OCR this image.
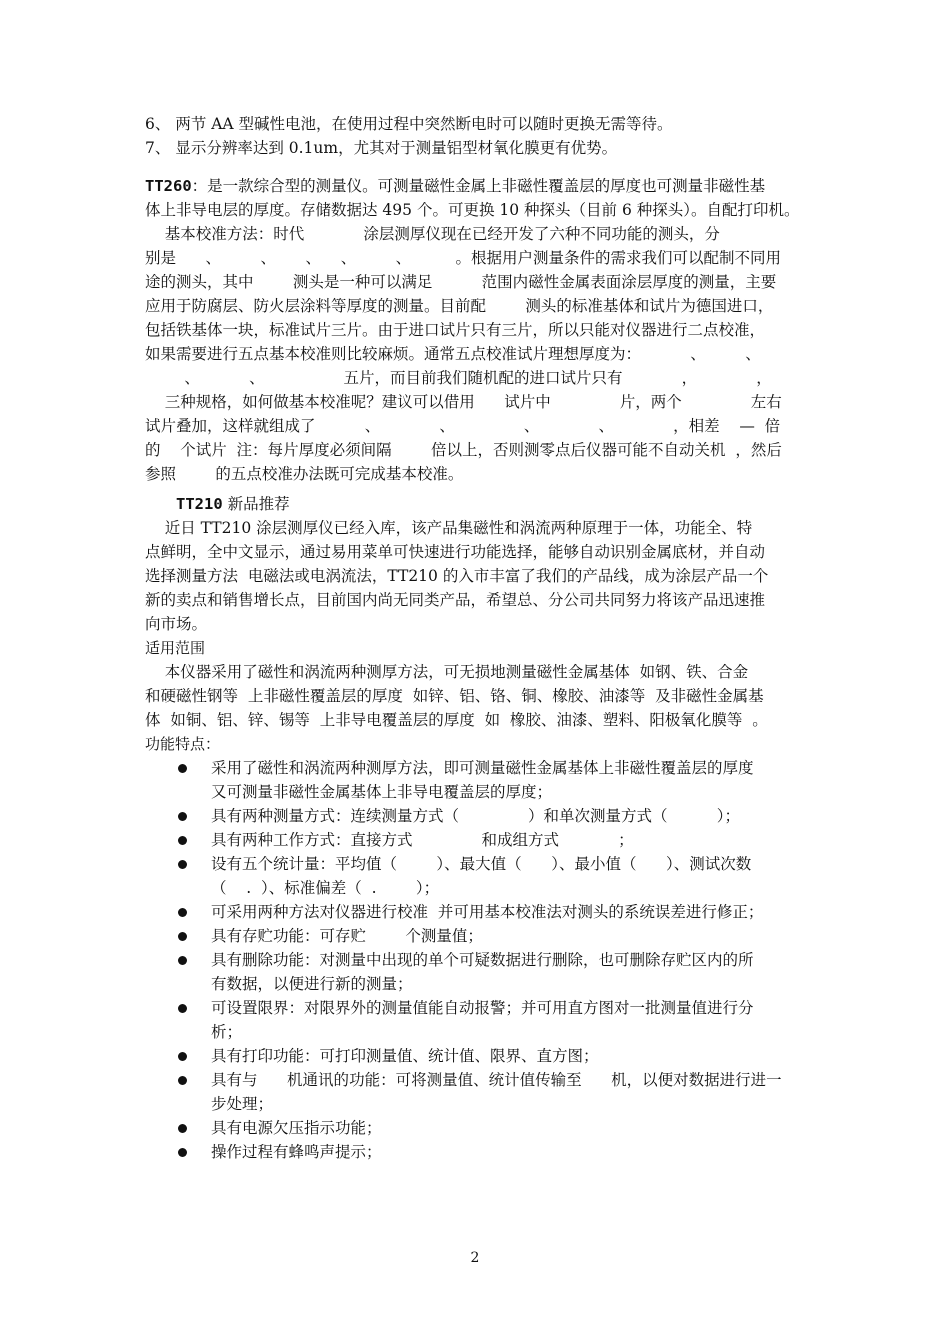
6、 两节 AA 型碱性电池，在使用过程中突然断电时可以随时更换无需等待。
7、 显示分辨率达到 0.1um，尤其对于测量铝型材氧化膜更有优势。
TT260：是一款综合型的测量仪。可测量磁性金属上非磁性覆盖层的厚度也可测量非磁性基
体上非导电层的厚度。存储数据达 495 个。可更换 10 种探头（目前 6 种探头）。自配打印机。
基本校准方法：时代            涂层测厚仪现在已经开发了六种不同功能的测头，分
别是      、        、      、    、        、         。根据用户测量条件的需求我们可以配制不同用
途的测头，其中        测头是一种可以满足          范围内磁性金属表面涂层厚度的测量，主要
应用于防腐层、防火层涂料等厚度的测量。目前配        测头的标准基体和试片为德国进口，
包括铁基体一块，标准试片三片。由于进口试片只有三片，所以只能对仪器进行二点校准，
如果需要进行五点基本校准则比较麻烦。通常五点校准试片理想厚度为：          、        、
、          、                五片，而目前我们随机配的进口试片只有            ，            ，
三种规格，如何做基本校准呢？建议可以借用      试片中              片，两个              左右
试片叠加，这样就组成了          、            、              、            、            ，相差    —  倍
的    个试片  注：每片厚度必须间隔        倍以上，否则测零点后仪器可能不自动关机  ，然后
参照        的五点校准办法既可完成基本校准。
TT210 新品推荐
近日 TT210 涂层测厚仪已经入库，该产品集磁性和涡流两种原理于一体，功能全、特
点鲜明，全中文显示，通过易用菜单可快速进行功能选择，能够自动识别金属底材，并自动
选择测量方法  电磁法或电涡流法，TT210 的入市丰富了我们的产品线，成为涂层产品一个
新的卖点和销售增长点，目前国内尚无同类产品，希望总、分公司共同努力将该产品迅速推
向市场。
适用范围
本仪器采用了磁性和涡流两种测厚方法，可无损地测量磁性金属基体  如钢、铁、合金
和硬磁性钢等  上非磁性覆盖层的厚度  如锌、铝、铬、铜、橡胶、油漆等  及非磁性金属基
体  如铜、铝、锌、锡等  上非导电覆盖层的厚度  如  橡胶、油漆、塑料、阳极氧化膜等  。
功能特点：
采用了磁性和涡流两种测厚方法，即可测量磁性金属基体上非磁性覆盖层的厚度
又可测量非磁性金属基体上非导电覆盖层的厚度；
具有两种测量方式：连续测量方式（              ）和单次测量方式（          ）；
具有两种工作方式：直接方式              和成组方式            ；
设有五个统计量：平均值（        ）、最大值（      ）、最小值（      ）、测试次数
（    .  ）、标准偏差（  .        ）；
可采用两种方法对仪器进行校准  并可用基本校准法对测头的系统误差进行修正；
具有存贮功能：可存贮        个测量值；
具有删除功能：对测量中出现的单个可疑数据进行删除，也可删除存贮区内的所
有数据，以便进行新的测量；
可设置限界：对限界外的测量值能自动报警；并可用直方图对一批测量值进行分
析；
具有打印功能：可打印测量值、统计值、限界、直方图；
具有与      机通讯的功能：可将测量值、统计值传输至      机，以便对数据进行进一
步处理；
具有电源欠压指示功能；
操作过程有蜂鸣声提示；
2
